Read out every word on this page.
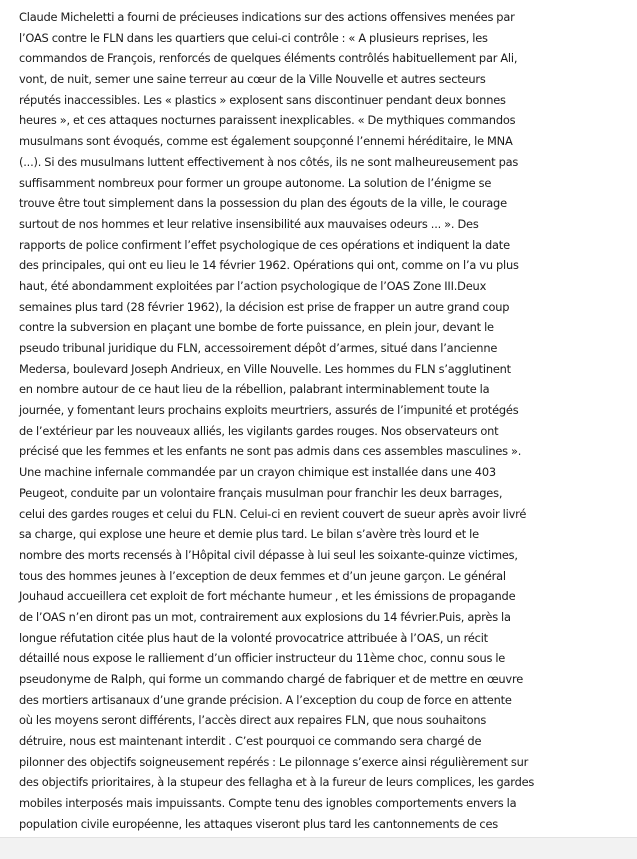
Claude Micheletti a fourni de précieuses indications sur des actions offensives menées par
l’OAS contre le FLN dans les quartiers que celui-ci contrôle : « A plusieurs reprises, les
commandos de François, renforcés de quelques éléments contrôlés habituellement par Ali,
vont, de nuit, semer une saine terreur au cœur de la Ville Nouvelle et autres secteurs
réputés inaccessibles. Les « plastics » explosent sans discontinuer pendant deux bonnes
heures », et ces attaques nocturnes paraissent inexplicables. « De mythiques commandos
musulmans sont évoqués, comme est également soupçonné l’ennemi héréditaire, le MNA
(...). Si des musulmans luttent effectivement à nos côtés, ils ne sont malheureusement pas
suffisamment nombreux pour former un groupe autonome. La solution de l’énigme se
trouve être tout simplement dans la possession du plan des égouts de la ville, le courage
surtout de nos hommes et leur relative insensibilité aux mauvaises odeurs ... ». Des
rapports de police confirment l’effet psychologique de ces opérations et indiquent la date
des principales, qui ont eu lieu le 14 février 1962. Opérations qui ont, comme on l’a vu plus
haut, été abondamment exploitées par l’action psychologique de l’OAS Zone III.Deux
semaines plus tard (28 février 1962), la décision est prise de frapper un autre grand coup
contre la subversion en plaçant une bombe de forte puissance, en plein jour, devant le
pseudo tribunal juridique du FLN, accessoirement dépôt d’armes, situé dans l’ancienne
Medersa, boulevard Joseph Andrieux, en Ville Nouvelle. Les hommes du FLN s’agglutinent
en nombre autour de ce haut lieu de la rébellion, palabrant interminablement toute la
journée, y fomentant leurs prochains exploits meurtriers, assurés de l’impunité et protégés
de l’extérieur par les nouveaux alliés, les vigilants gardes rouges. Nos observateurs ont
précisé que les femmes et les enfants ne sont pas admis dans ces assembles masculines ».
Une machine infernale commandée par un crayon chimique est installée dans une 403
Peugeot, conduite par un volontaire français musulman pour franchir les deux barrages,
celui des gardes rouges et celui du FLN. Celui-ci en revient couvert de sueur après avoir livré
sa charge, qui explose une heure et demie plus tard. Le bilan s’avère très lourd et le
nombre des morts recensés à l’Hôpital civil dépasse à lui seul les soixante-quinze victimes,
tous des hommes jeunes à l’exception de deux femmes et d’un jeune garçon. Le général
Jouhaud accueillera cet exploit de fort méchante humeur , et les émissions de propagande
de l’OAS n’en diront pas un mot, contrairement aux explosions du 14 février.Puis, après la
longue réfutation citée plus haut de la volonté provocatrice attribuée à l’OAS, un récit
détaillé nous expose le ralliement d’un officier instructeur du 11ème choc, connu sous le
pseudonyme de Ralph, qui forme un commando chargé de fabriquer et de mettre en œuvre
des mortiers artisanaux d’une grande précision. A l’exception du coup de force en attente
où les moyens seront différents, l’accès direct aux repaires FLN, que nous souhaitons
détruire, nous est maintenant interdit . C’est pourquoi ce commando sera chargé de
pilonner des objectifs soigneusement repérés : Le pilonnage s’exerce ainsi régulièrement sur
des objectifs prioritaires, à la stupeur des fellagha et à la fureur de leurs complices, les gardes
mobiles interposés mais impuissants. Compte tenu des ignobles comportements envers la
population civile européenne, les attaques viseront plus tard les cantonnements de ces
